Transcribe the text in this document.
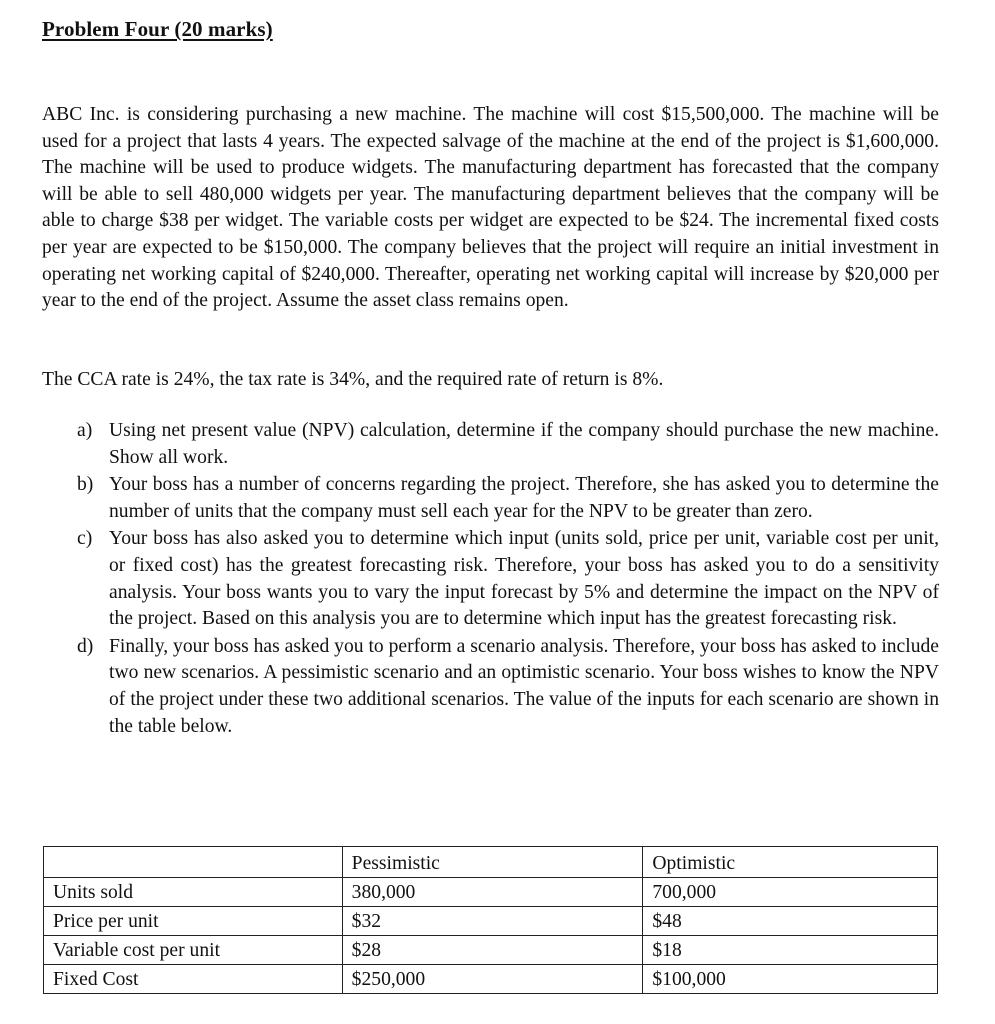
Problem Four (20 marks)

ABC Inc. is considering purchasing a new machine. The machine will cost $15,500,000. The machine will be used for a project that lasts 4 years. The expected salvage of the machine at the end of the project is $1,600,000. The machine will be used to produce widgets. The manufacturing department has forecasted that the company will be able to sell 480,000 widgets per year. The manufacturing department believes that the company will be able to charge $38 per widget. The variable costs per widget are expected to be $24. The incremental fixed costs per year are expected to be $150,000. The company believes that the project will require an initial investment in operating net working capital of $240,000. Thereafter, operating net working capital will increase by $20,000 per year to the end of the project. Assume the asset class remains open.

The CCA rate is 24%, the tax rate is 34%, and the required rate of return is 8%.

a) Using net present value (NPV) calculation, determine if the company should purchase the new machine. Show all work.
b) Your boss has a number of concerns regarding the project. Therefore, she has asked you to determine the number of units that the company must sell each year for the NPV to be greater than zero.
c) Your boss has also asked you to determine which input (units sold, price per unit, variable cost per unit, or fixed cost) has the greatest forecasting risk. Therefore, your boss has asked you to do a sensitivity analysis. Your boss wants you to vary the input forecast by 5% and determine the impact on the NPV of the project. Based on this analysis you are to determine which input has the greatest forecasting risk.
d) Finally, your boss has asked you to perform a scenario analysis. Therefore, your boss has asked to include two new scenarios. A pessimistic scenario and an optimistic scenario. Your boss wishes to know the NPV of the project under these two additional scenarios. The value of the inputs for each scenario are shown in the table below.
	Pessimistic	Optimistic
Units sold	380,000	700,000
Price per unit	$32	$48
Variable cost per unit	$28	$18
Fixed Cost	$250,000	$100,000
